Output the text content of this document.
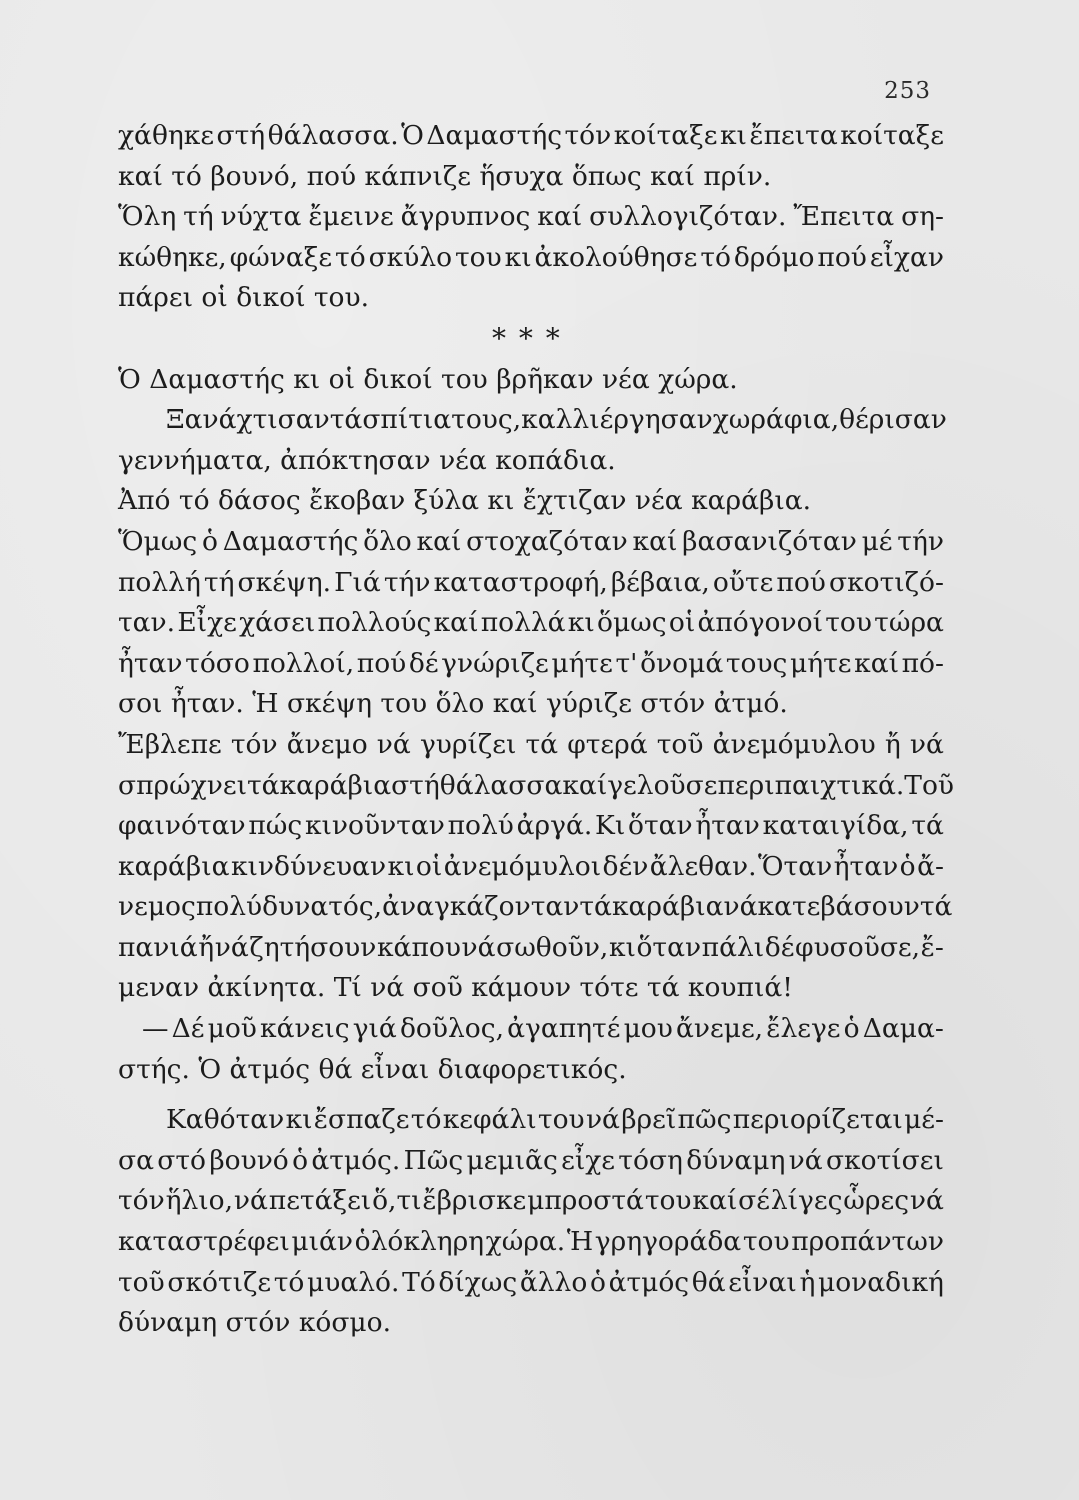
253
χάθηκε στή θάλασσα. Ὁ Δαμαστής τόν κοίταξε κι ἔπειτα κοίταξε
καί τό βουνό, πού κάπνιζε ἥσυχα ὅπως καί πρίν.
Ὅλη τή νύχτα ἔμεινε ἄγρυπνος καί συλλογιζόταν. Ἔπειτα ση-
κώθηκε, φώναξε τό σκύλο του κι ἀκολούθησε τό δρόμο πού εἶχαν
πάρει οἱ δικοί του.
* * *
Ὁ Δαμαστής κι οἱ δικοί του βρῆκαν νέα χώρα.
Ξανάχτισαν τά σπίτια τους, καλλιέργησαν χωράφια, θέρισαν
γεννήματα, ἀπόκτησαν νέα κοπάδια.
Ἀπό τό δάσος ἔκοβαν ξύλα κι ἔχτιζαν νέα καράβια.
Ὅμως ὁ Δαμαστής ὅλο καί στοχαζόταν καί βασανιζόταν μέ τήν
πολλή τή σκέψη. Γιά τήν καταστροφή, βέβαια, οὔτε πού σκοτιζό-
ταν. Εἶχε χάσει πολλούς καί πολλά κι ὅμως οἱ ἀπόγονοί του τώρα
ἦταν τόσο πολλοί, πού δέ γνώριζε μήτε τ' ὄνομά τους μήτε καί πό-
σοι ἦταν. Ἡ σκέψη του ὅλο καί γύριζε στόν ἀτμό.
Ἔβλεπε τόν ἄνεμο νά γυρίζει τά φτερά τοῦ ἀνεμόμυλου ἤ νά
σπρώχνει τά καράβια στή θάλασσα καί γελοῦσε περιπαιχτικά. Τοῦ
φαινόταν πώς κινοῦνταν πολύ ἀργά. Κι ὅταν ἦταν καταιγίδα, τά
καράβια κινδύνευαν κι οἱ ἀνεμόμυλοι δέν ἄλεθαν. Ὅταν ἦταν ὁ ἄ-
νεμος πολύ δυνατός, ἀναγκάζονταν τά καράβια νά κατεβάσουν τά
πανιά ἤ νά ζητήσουν κάπου νά σωθοῦν, κι ὅταν πάλι δέ φυσοῦσε, ἔ-
μεναν ἀκίνητα. Τί νά σοῦ κάμουν τότε τά κουπιά!
— Δέ μοῦ κάνεις γιά δοῦλος, ἀγαπητέ μου ἄνεμε, ἔλεγε ὁ Δαμα-
στής. Ὁ ἀτμός θά εἶναι διαφορετικός.
Καθόταν κι ἔσπαζε τό κεφάλι του νά βρεῖ πῶς περιορίζεται μέ-
σα στό βουνό ὁ ἀτμός. Πῶς μεμιᾶς εἶχε τόση δύναμη νά σκοτίσει
τόν ἥλιο, νά πετάξει ὅ,τι ἔβρισκε μπροστά του καί σέ λίγες ὧρες νά
καταστρέφει μιάν ὁλόκληρη χώρα. Ἡ γρηγοράδα του προπάντων
τοῦ σκότιζε τό μυαλό. Τό δίχως ἄλλο ὁ ἀτμός θά εἶναι ἡ μοναδική
δύναμη στόν κόσμο.
